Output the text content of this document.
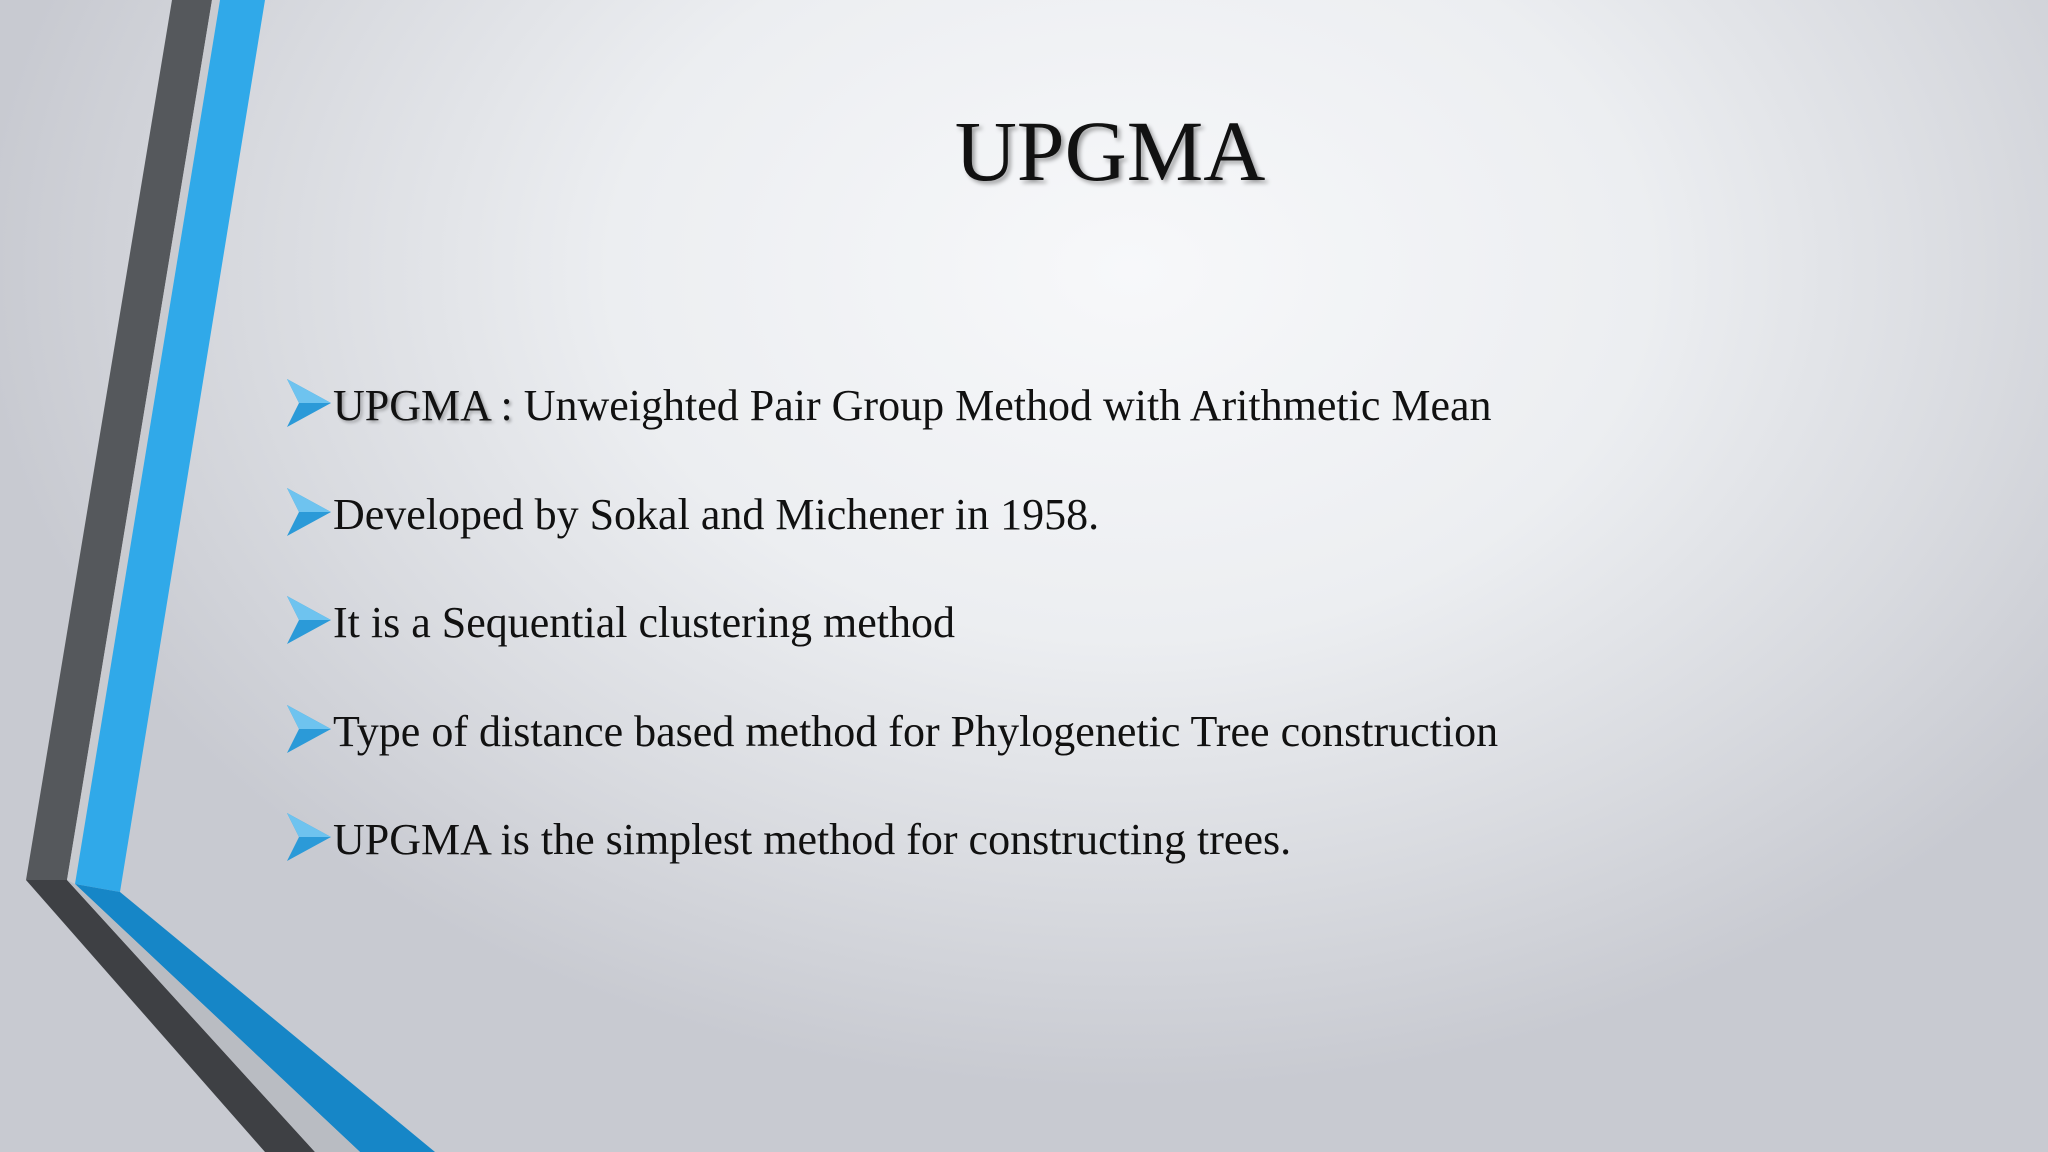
UPGMA
UPGMA : Unweighted Pair Group Method with Arithmetic Mean
Developed by Sokal and Michener in 1958.
It is a Sequential clustering method
Type of distance based method for Phylogenetic Tree construction
UPGMA is the simplest method for constructing trees.
